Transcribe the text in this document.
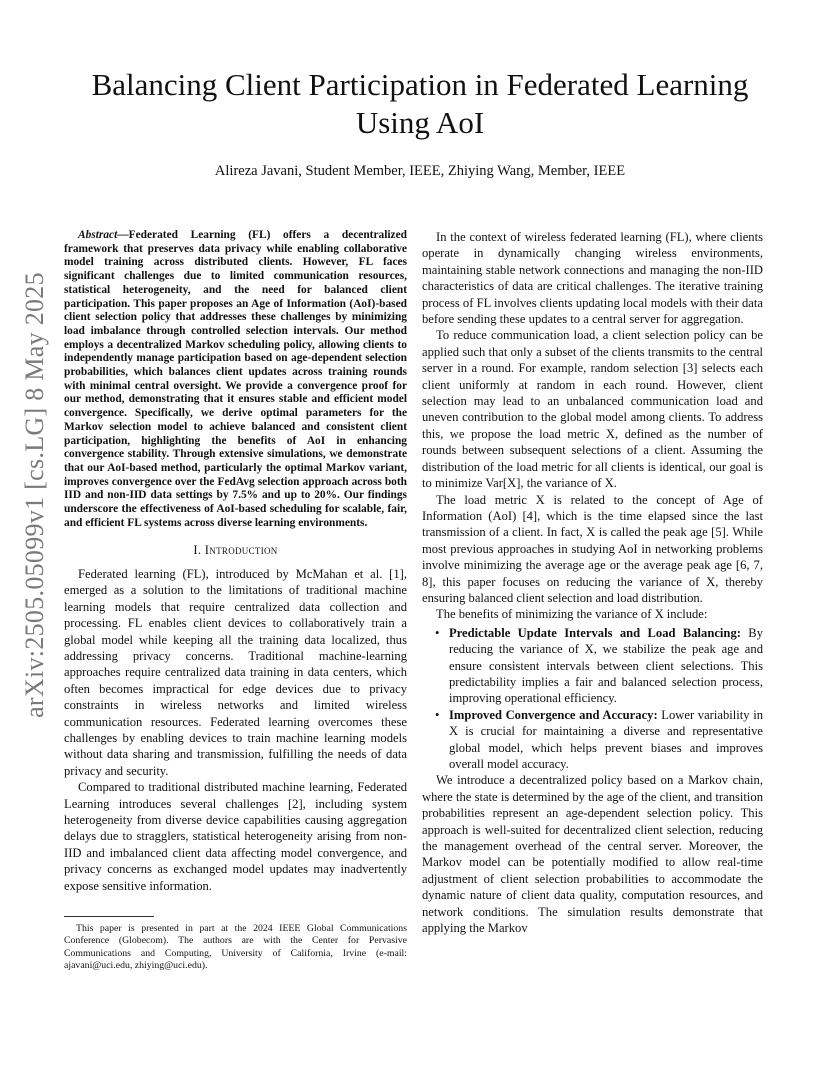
arXiv:2505.05099v1 [cs.LG] 8 May 2025
Balancing Client Participation in Federated Learning Using AoI
Alireza Javani, Student Member, IEEE, Zhiying Wang, Member, IEEE

Abstract—Federated Learning (FL) offers a decentralized framework that preserves data privacy while enabling collaborative model training across distributed clients. However, FL faces significant challenges due to limited communication resources, statistical heterogeneity, and the need for balanced client participation. This paper proposes an Age of Information (AoI)-based client selection policy that addresses these challenges by minimizing load imbalance through controlled selection intervals. Our method employs a decentralized Markov scheduling policy, allowing clients to independently manage participation based on age-dependent selection probabilities, which balances client updates across training rounds with minimal central oversight. We provide a convergence proof for our method, demonstrating that it ensures stable and efficient model convergence. Specifically, we derive optimal parameters for the Markov selection model to achieve balanced and consistent client participation, highlighting the benefits of AoI in enhancing convergence stability. Through extensive simulations, we demonstrate that our AoI-based method, particularly the optimal Markov variant, improves convergence over the FedAvg selection approach across both IID and non-IID data settings by 7.5% and up to 20%. Our findings underscore the effectiveness of AoI-based scheduling for scalable, fair, and efficient FL systems across diverse learning environments.

I. Introduction

Federated learning (FL), introduced by McMahan et al. [1], emerged as a solution to the limitations of traditional machine learning models that require centralized data collection and processing. FL enables client devices to collaboratively train a global model while keeping all the training data localized, thus addressing privacy concerns. Traditional machine-learning approaches require centralized data training in data centers, which often becomes impractical for edge devices due to privacy constraints in wireless networks and limited wireless communication resources. Federated learning overcomes these challenges by enabling devices to train machine learning models without data sharing and transmission, fulfilling the needs of data privacy and security.

Compared to traditional distributed machine learning, Federated Learning introduces several challenges [2], including system heterogeneity from diverse device capabilities causing aggregation delays due to stragglers, statistical heterogeneity arising from non-IID and imbalanced client data affecting model convergence, and privacy concerns as exchanged model updates may inadvertently expose sensitive information.

This paper is presented in part at the 2024 IEEE Global Communications Conference (Globecom). The authors are with the Center for Pervasive Communications and Computing, University of California, Irvine (e-mail: ajavani@uci.edu, zhiying@uci.edu).

In the context of wireless federated learning (FL), where clients operate in dynamically changing wireless environments, maintaining stable network connections and managing the non-IID characteristics of data are critical challenges. The iterative training process of FL involves clients updating local models with their data before sending these updates to a central server for aggregation.

To reduce communication load, a client selection policy can be applied such that only a subset of the clients transmits to the central server in a round. For example, random selection [3] selects each client uniformly at random in each round. However, client selection may lead to an unbalanced communication load and uneven contribution to the global model among clients. To address this, we propose the load metric X, defined as the number of rounds between subsequent selections of a client. Assuming the distribution of the load metric for all clients is identical, our goal is to minimize Var[X], the variance of X.

The load metric X is related to the concept of Age of Information (AoI) [4], which is the time elapsed since the last transmission of a client. In fact, X is called the peak age [5]. While most previous approaches in studying AoI in networking problems involve minimizing the average age or the average peak age [6, 7, 8], this paper focuses on reducing the variance of X, thereby ensuring balanced client selection and load distribution.

The benefits of minimizing the variance of X include:

• Predictable Update Intervals and Load Balancing: By reducing the variance of X, we stabilize the peak age and ensure consistent intervals between client selections. This predictability implies a fair and balanced selection process, improving operational efficiency.
• Improved Convergence and Accuracy: Lower variability in X is crucial for maintaining a diverse and representative global model, which helps prevent biases and improves overall model accuracy.

We introduce a decentralized policy based on a Markov chain, where the state is determined by the age of the client, and transition probabilities represent an age-dependent selection policy. This approach is well-suited for decentralized client selection, reducing the management overhead of the central server. Moreover, the Markov model can be potentially modified to allow real-time adjustment of client selection probabilities to accommodate the dynamic nature of client data quality, computation resources, and network conditions. The simulation results demonstrate that applying the Markov
